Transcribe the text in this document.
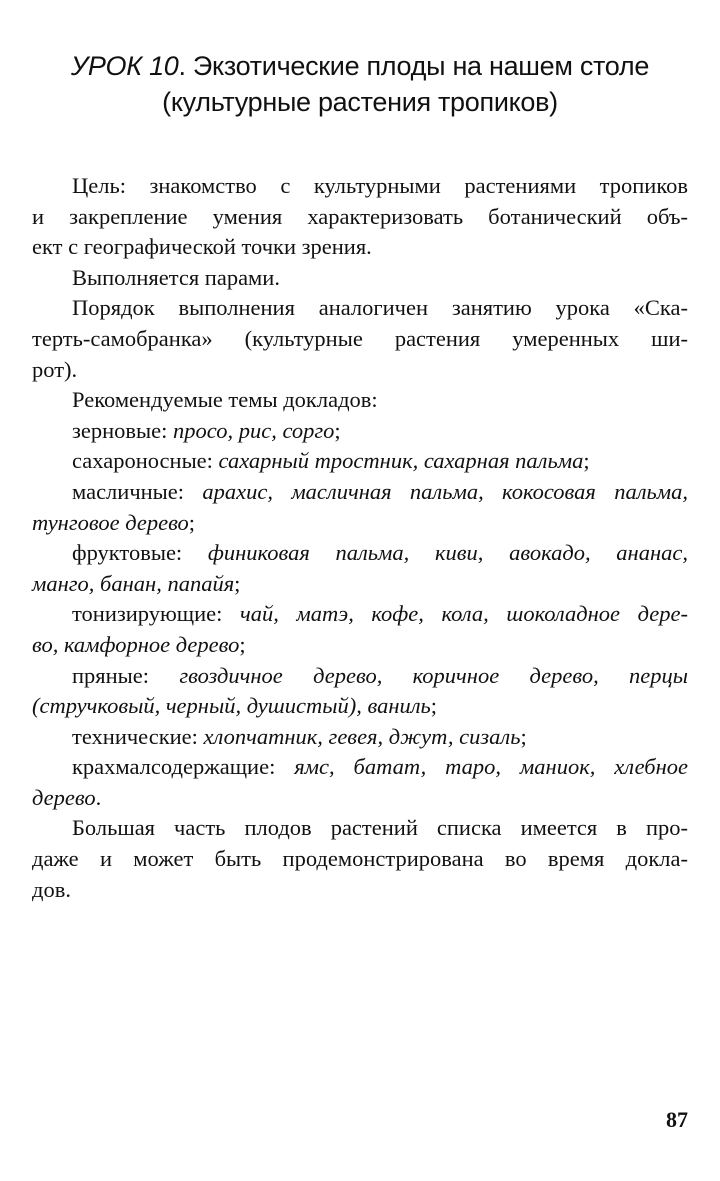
УРОК 10. Экзотические плоды на нашем столе
(культурные растения тропиков)
Цель: знакомство с культурными растениями тропиков
и закрепление умения характеризовать ботанический объ-
ект с географической точки зрения.
Выполняется парами.
Порядок выполнения аналогичен занятию урока «Ска-
терть-самобранка» (культурные растения умеренных ши-
рот).
Рекомендуемые темы докладов:
зерновые: просо, рис, сорго;
сахароносные: сахарный тростник, сахарная пальма;
масличные: арахис, масличная пальма, кокосовая пальма,
тунговое дерево;
фруктовые: финиковая пальма, киви, авокадо, ананас,
манго, банан, папайя;
тонизирующие: чай, матэ, кофе, кола, шоколадное дере-
во, камфорное дерево;
пряные: гвоздичное дерево, коричное дерево, перцы
(стручковый, черный, душистый), ваниль;
технические: хлопчатник, гевея, джут, сизаль;
крахмалсодержащие: ямс, батат, таро, маниок, хлебное
дерево.
Большая часть плодов растений списка имеется в про-
даже и может быть продемонстрирована во время докла-
дов.
87
